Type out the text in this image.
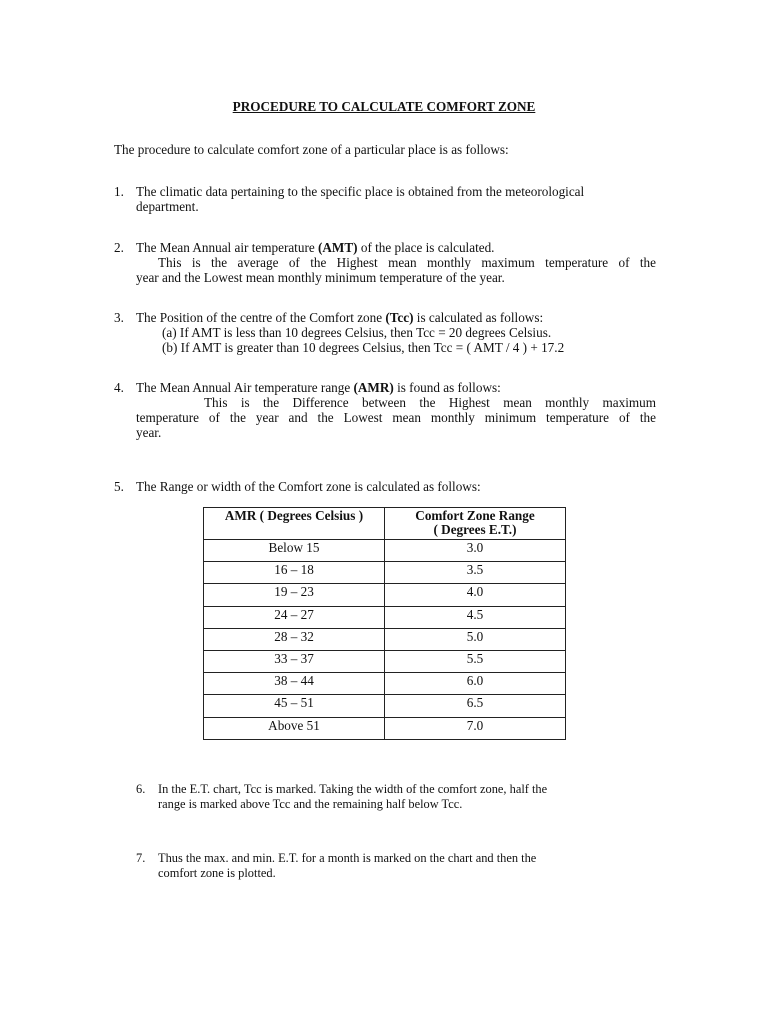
PROCEDURE TO CALCULATE COMFORT ZONE
The procedure to calculate comfort zone of a particular place is as follows:
1. The climatic data pertaining to the specific place is obtained from the meteorological
department.
2. The Mean Annual air temperature (AMT) of the place is calculated.
This is the average of the Highest mean monthly maximum temperature of the
year and the Lowest mean monthly minimum temperature of the year.
3. The Position of the centre of the Comfort zone (Tcc) is calculated as follows:
(a) If AMT is less than 10 degrees Celsius, then Tcc = 20 degrees Celsius.
(b) If AMT is greater than 10 degrees Celsius, then Tcc = ( AMT / 4 ) + 17.2
4. The Mean Annual Air temperature range (AMR) is found as follows:
This is the Difference between the Highest mean monthly maximum
temperature of the year and the Lowest mean monthly minimum temperature of the
year.
5. The Range or width of the Comfort zone is calculated as follows:
AMR ( Degrees Celsius )	Comfort Zone Range
( Degrees E.T.)

Below 15	3.0
16 – 18	3.5
19 – 23	4.0
24 – 27	4.5
28 – 32	5.0
33 – 37	5.5
38 – 44	6.0
45 – 51	6.5
Above 51	7.0
6.	In the E.T. chart, Tcc is marked. Taking the width of the comfort zone, half the
range is marked above Tcc and the remaining half below Tcc.
7.	Thus the max. and min. E.T. for a month is marked on the chart and then the
comfort zone is plotted.
